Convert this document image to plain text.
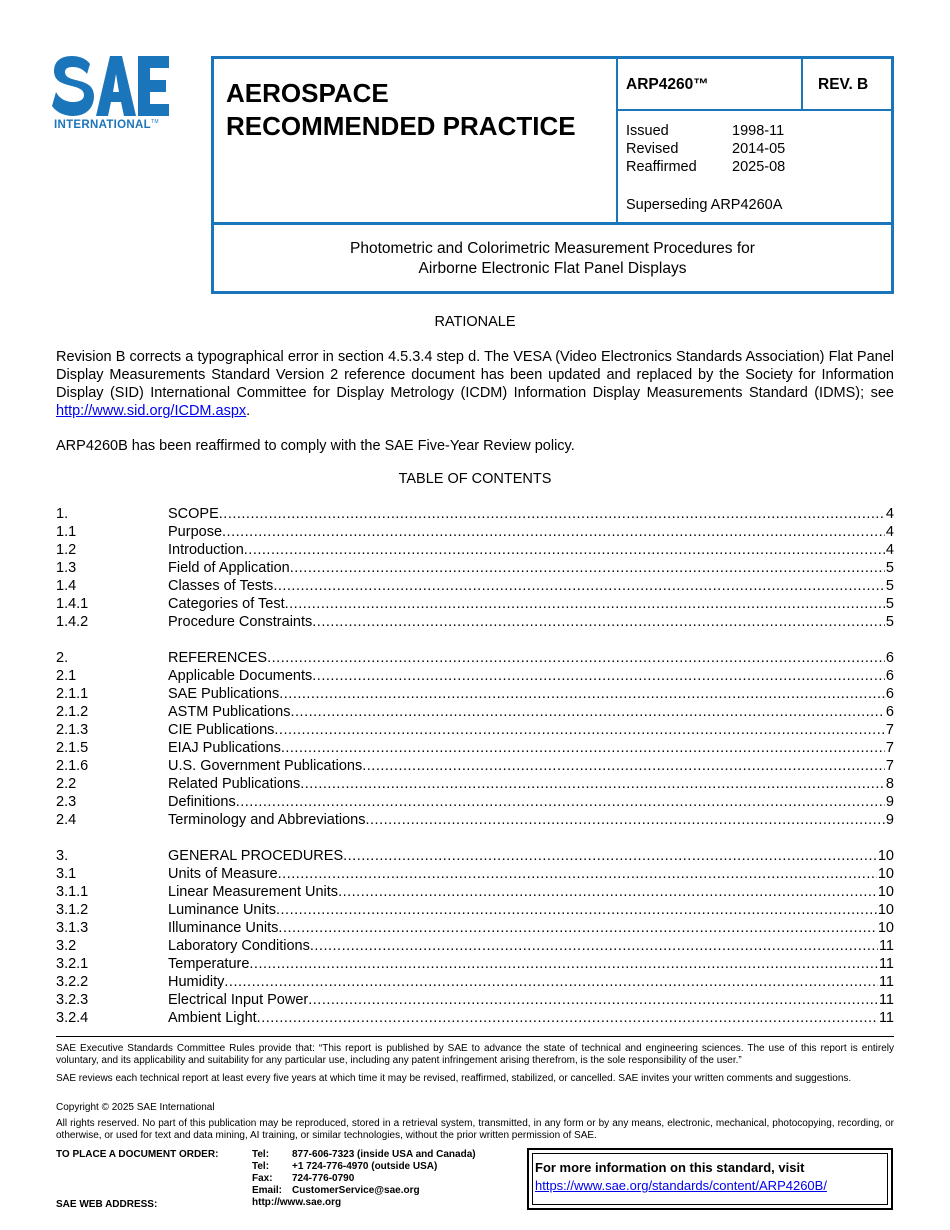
INTERNATIONAL™
AEROSPACE
RECOMMENDED PRACTICE
ARP4260™	REV. B
Issued	1998-11
Revised	2014-05
Reaffirmed	2025-08
Superseding ARP4260A
Photometric and Colorimetric Measurement Procedures for
Airborne Electronic Flat Panel Displays
RATIONALE
Revision B corrects a typographical error in section 4.5.3.4 step d. The VESA (Video Electronics Standards Association) Flat Panel Display Measurements Standard Version 2 reference document has been updated and replaced by the Society for Information Display (SID) International Committee for Display Metrology (ICDM) Information Display Measurements Standard (IDMS); see http://www.sid.org/ICDM.aspx.
ARP4260B has been reaffirmed to comply with the SAE Five-Year Review policy.
TABLE OF CONTENTS
1.	SCOPE .....	4
1.1	Purpose .....	4
1.2	Introduction .....	4
1.3	Field of Application .....	5
1.4	Classes of Tests .....	5
1.4.1	Categories of Test .....	5
1.4.2	Procedure Constraints .....	5
2.	REFERENCES .....	6
2.1	Applicable Documents .....	6
2.1.1	SAE Publications .....	6
2.1.2	ASTM Publications .....	6
2.1.3	CIE Publications .....	7
2.1.5	EIAJ Publications .....	7
2.1.6	U.S. Government Publications .....	7
2.2	Related Publications .....	8
2.3	Definitions .....	9
2.4	Terminology and Abbreviations .....	9
3.	GENERAL PROCEDURES .....	10
3.1	Units of Measure .....	10
3.1.1	Linear Measurement Units .....	10
3.1.2	Luminance Units .....	10
3.1.3	Illuminance Units .....	10
3.2	Laboratory Conditions .....	11
3.2.1	Temperature .....	11
3.2.2	Humidity .....	11
3.2.3	Electrical Input Power .....	11
3.2.4	Ambient Light .....	11
SAE Executive Standards Committee Rules provide that: “This report is published by SAE to advance the state of technical and engineering sciences. The use of this report is entirely voluntary, and its applicability and suitability for any particular use, including any patent infringement arising therefrom, is the sole responsibility of the user.”
SAE reviews each technical report at least every five years at which time it may be revised, reaffirmed, stabilized, or cancelled. SAE invites your written comments and suggestions.
Copyright © 2025 SAE International
All rights reserved. No part of this publication may be reproduced, stored in a retrieval system, transmitted, in any form or by any means, electronic, mechanical, photocopying, recording, or otherwise, or used for text and data mining, AI training, or similar technologies, without the prior written permission of SAE.
TO PLACE A DOCUMENT ORDER:
SAE WEB ADDRESS:
Tel:	877-606-7323 (inside USA and Canada)
Tel:	+1 724-776-4970 (outside USA)
Fax:	724-776-0790
Email: CustomerService@sae.org
http://www.sae.org
For more information on this standard, visit
https://www.sae.org/standards/content/ARP4260B/
